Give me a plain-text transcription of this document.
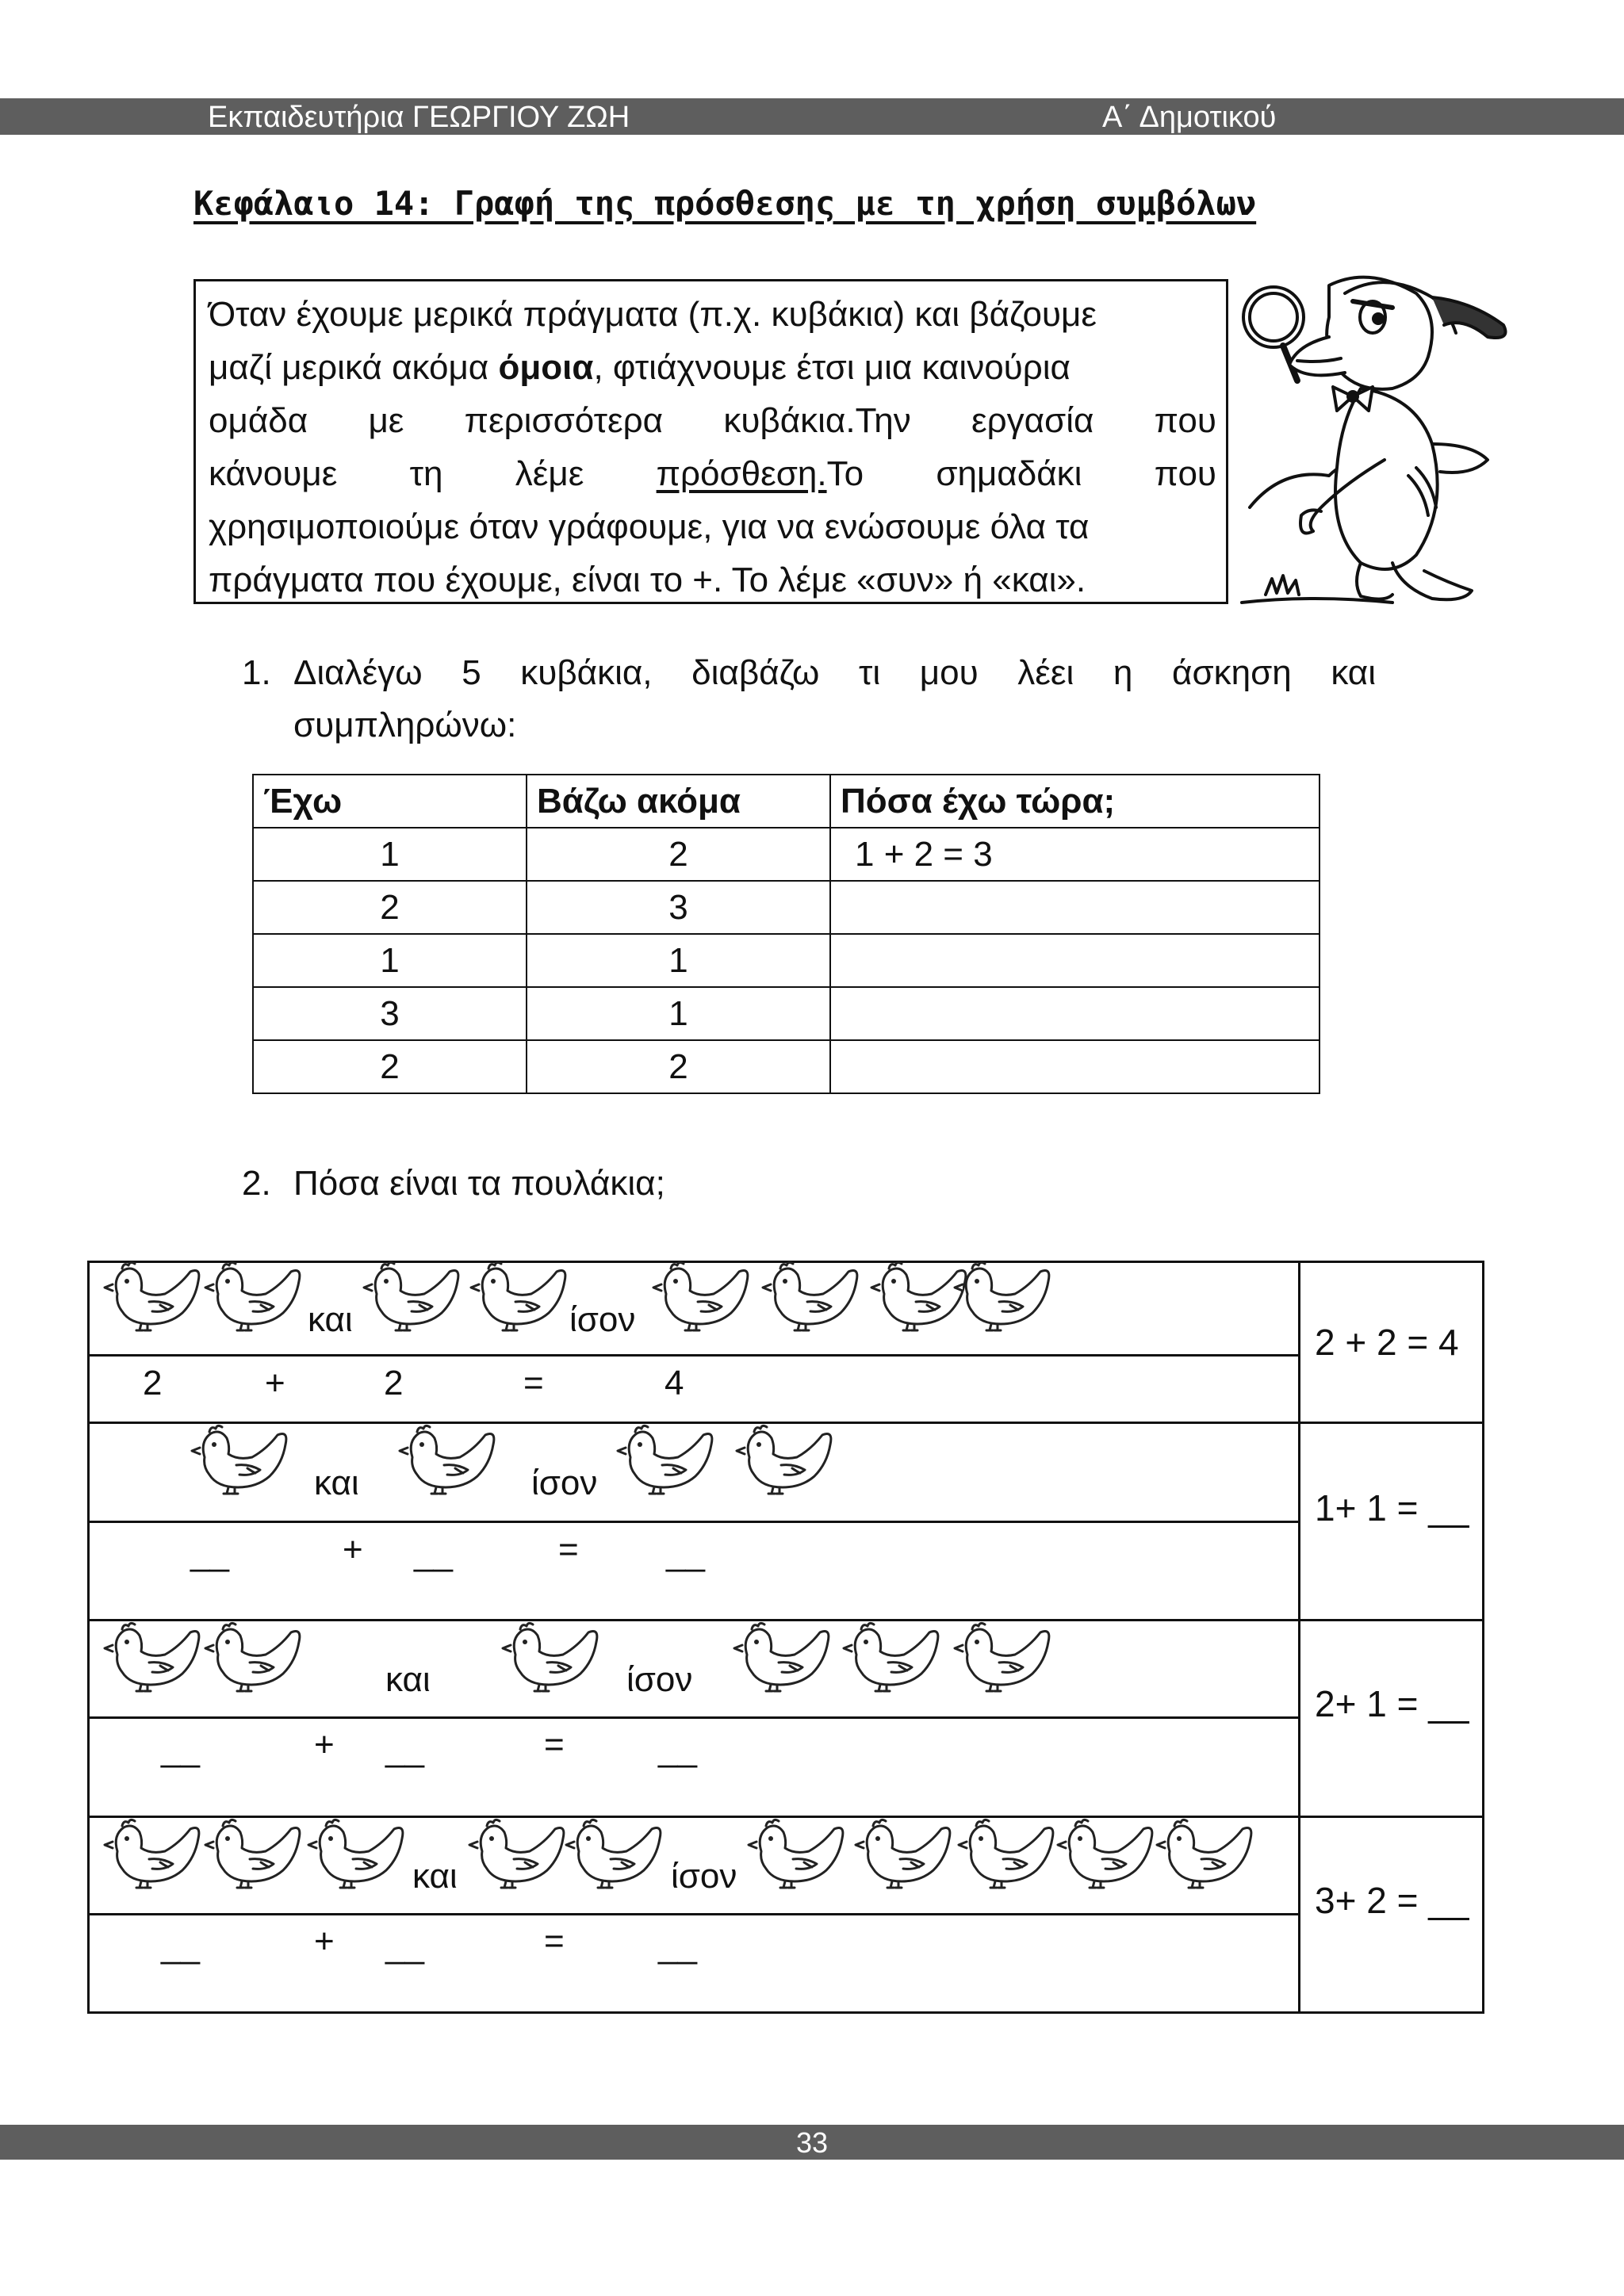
Εκπαιδευτήρια ΓΕΩΡΓΙΟΥ ΖΩΗ	Α΄ Δημοτικού
Κεφάλαιο 14: Γραφή της πρόσθεσης με τη χρήση συμβόλων
Όταν έχουμε μερικά πράγματα (π.χ. κυβάκια) και βάζουμε
μαζί μερικά ακόμα όμοια, φτιάχνουμε έτσι μια καινούρια
ομάδα με περισσότερα κυβάκια.Την εργασία που
κάνουμε τη λέμε πρόσθεση.Το σημαδάκι που
χρησιμοποιούμε όταν γράφουμε, για να ενώσουμε όλα τα
πράγματα που έχουμε, είναι το +. Το λέμε «συν» ή «και».
1. Διαλέγω 5 κυβάκια, διαβάζω τι μου λέει η άσκηση και
συμπληρώνω:
Έχω	Βάζω ακόμα	Πόσα έχω τώρα;
1	2	1 + 2 = 3
2	3	
1	1	
3	1	
2	2	
2. Πόσα είναι τα πουλάκια;
και	ίσον
2	+	2	=	4
2 + 2 = 4
και	ίσον
__	+ __	=	__
1+ 1 = __
και	ίσον
__	+ __	=	__
2+ 1 = __
και	ίσον
__	+ __	=	__
3+ 2 = __
33
